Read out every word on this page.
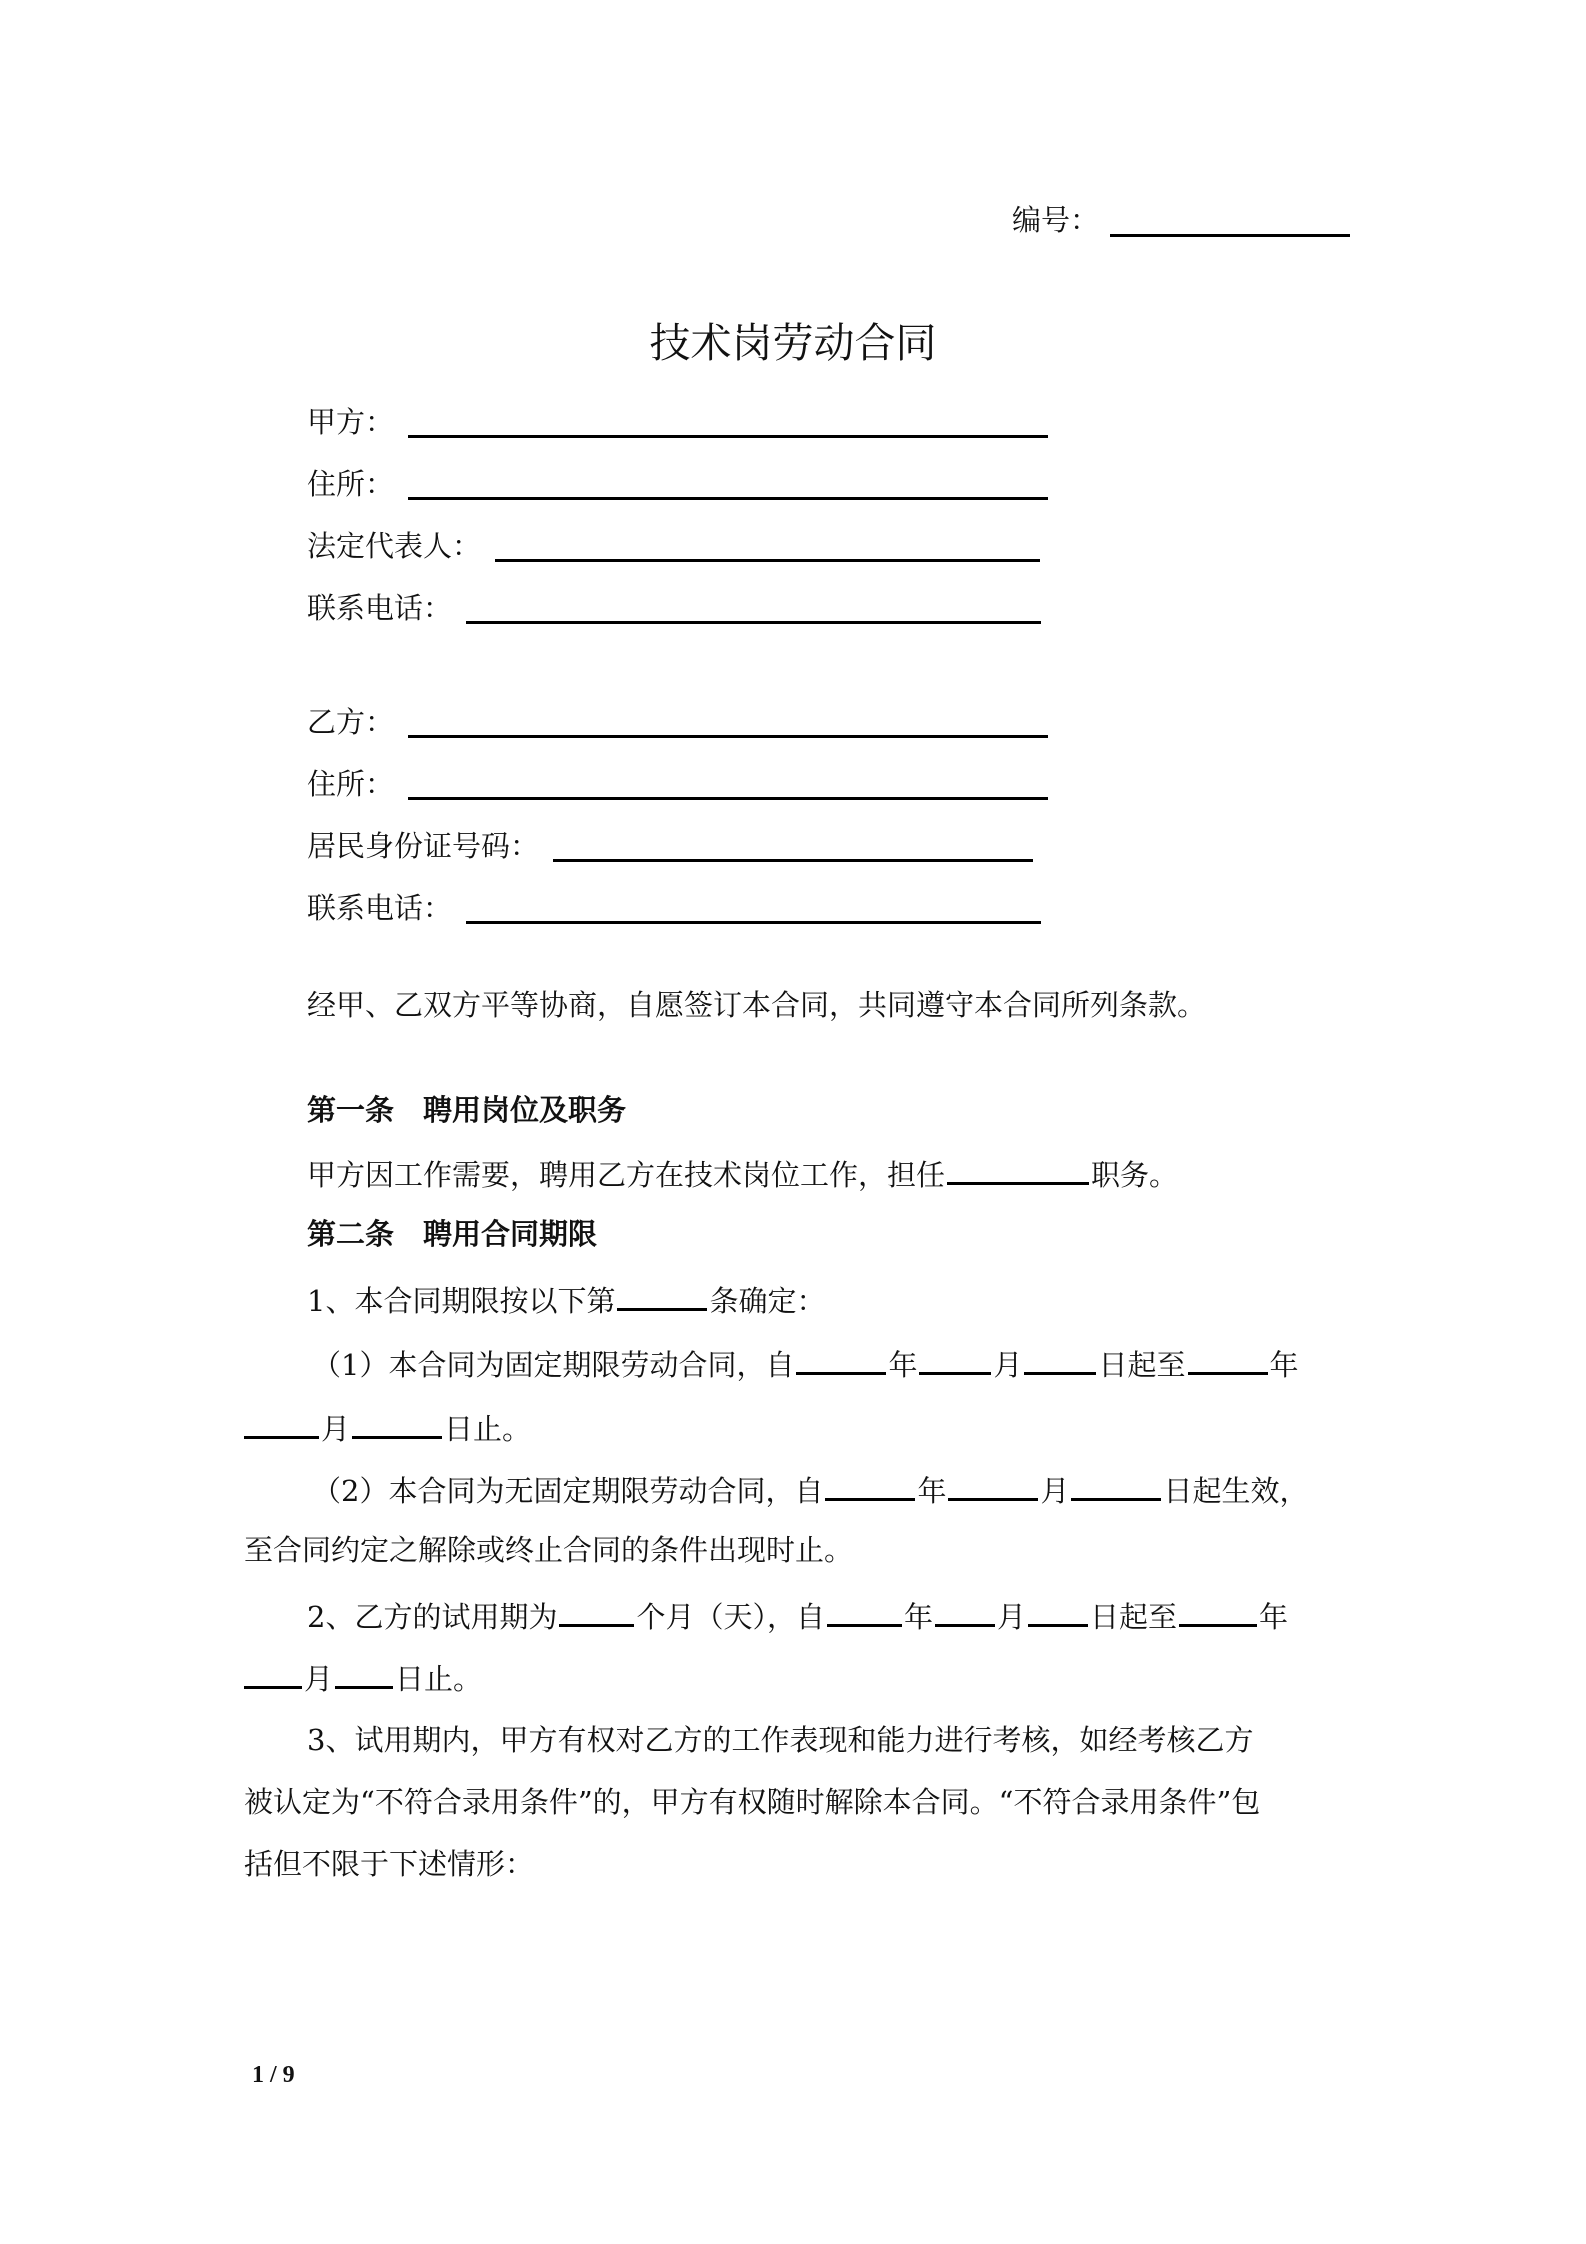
编号：
技术岗劳动合同
甲方：
住所：
法定代表人：
联系电话：
乙方：
住所：
居民身份证号码：
联系电话：
经甲、乙双方平等协商，自愿签订本合同，共同遵守本合同所列条款。
第一条　聘用岗位及职务
甲方因工作需要，聘用乙方在技术岗位工作，担任	职务。
第二条　聘用合同期限
1、本合同期限按以下第	条确定：
（1）本合同为固定期限劳动合同，自	年	月	日起至	年
月	日止。
（2）本合同为无固定期限劳动合同，自	年	月	日起生效，
至合同约定之解除或终止合同的条件出现时止。
2、乙方的试用期为	个月（天），自	年 月 日起至	年
月 日止。
3、试用期内，甲方有权对乙方的工作表现和能力进行考核，如经考核乙方
被认定为“不符合录用条件”的，甲方有权随时解除本合同。“不符合录用条件”包
括但不限于下述情形：
1 / 9
